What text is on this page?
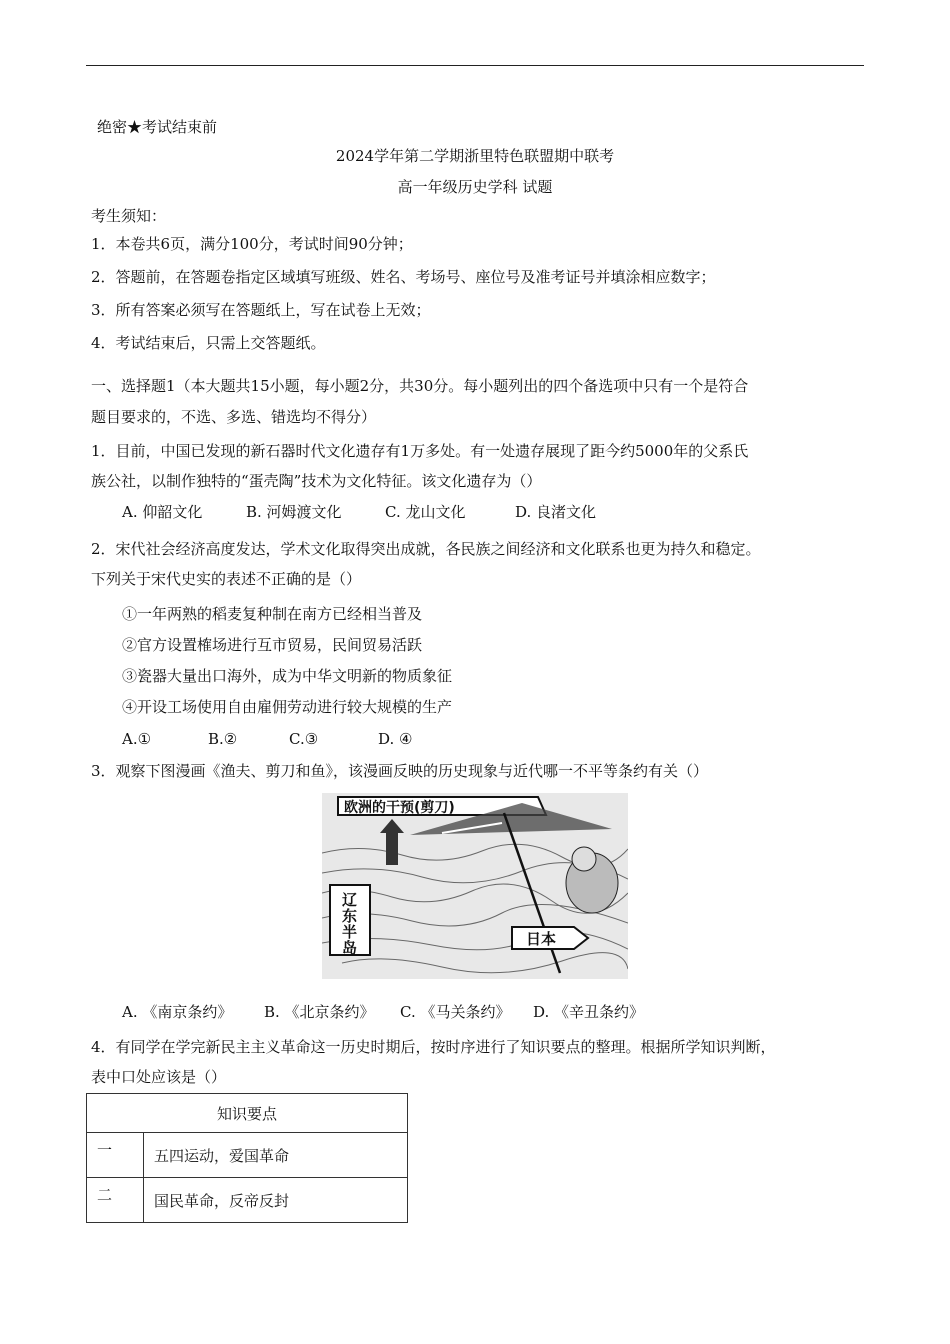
绝密★考试结束前
2024学年第二学期浙里特色联盟期中联考
高一年级历史学科 试题
考生须知：
1．本卷共6页，满分100分，考试时间90分钟；
2．答题前，在答题卷指定区域填写班级、姓名、考场号、座位号及准考证号并填涂相应数字；
3．所有答案必须写在答题纸上，写在试卷上无效；
4．考试结束后，只需上交答题纸。
一、选择题1（本大题共15小题，每小题2分，共30分。每小题列出的四个备选项中只有一个是符合
题目要求的，不选、多选、错选均不得分）
1．目前，中国已发现的新石器时代文化遗存有1万多处。有一处遗存展现了距今约5000年的父系氏
族公社，以制作独特的“蛋壳陶”技术为文化特征。该文化遗存为（）
A. 仰韶文化	B. 河姆渡文化	C. 龙山文化	D. 良渚文化
2．宋代社会经济高度发达，学术文化取得突出成就，各民族之间经济和文化联系也更为持久和稳定。
下列关于宋代史实的表述不正确的是（）
①一年两熟的稻麦复种制在南方已经相当普及
②官方设置榷场进行互市贸易，民间贸易活跃
③瓷器大量出口海外，成为中华文明新的物质象征
④开设工场使用自由雇佣劳动进行较大规模的生产
A.①	B.②	C.③	D. ④
3．观察下图漫画《渔夫、剪刀和鱼》，该漫画反映的历史现象与近代哪一不平等条约有关（）
欧洲的干预(剪刀)
辽东半岛	日本
A. 《南京条约》 B. 《北京条约》 C. 《马关条约》 D. 《辛丑条约》
4．有同学在学完新民主主义革命这一历史时期后，按时序进行了知识要点的整理。根据所学知识判断，
表中口处应该是（）
知识要点	
一	五四运动，爱国革命
二	国民革命，反帝反封
